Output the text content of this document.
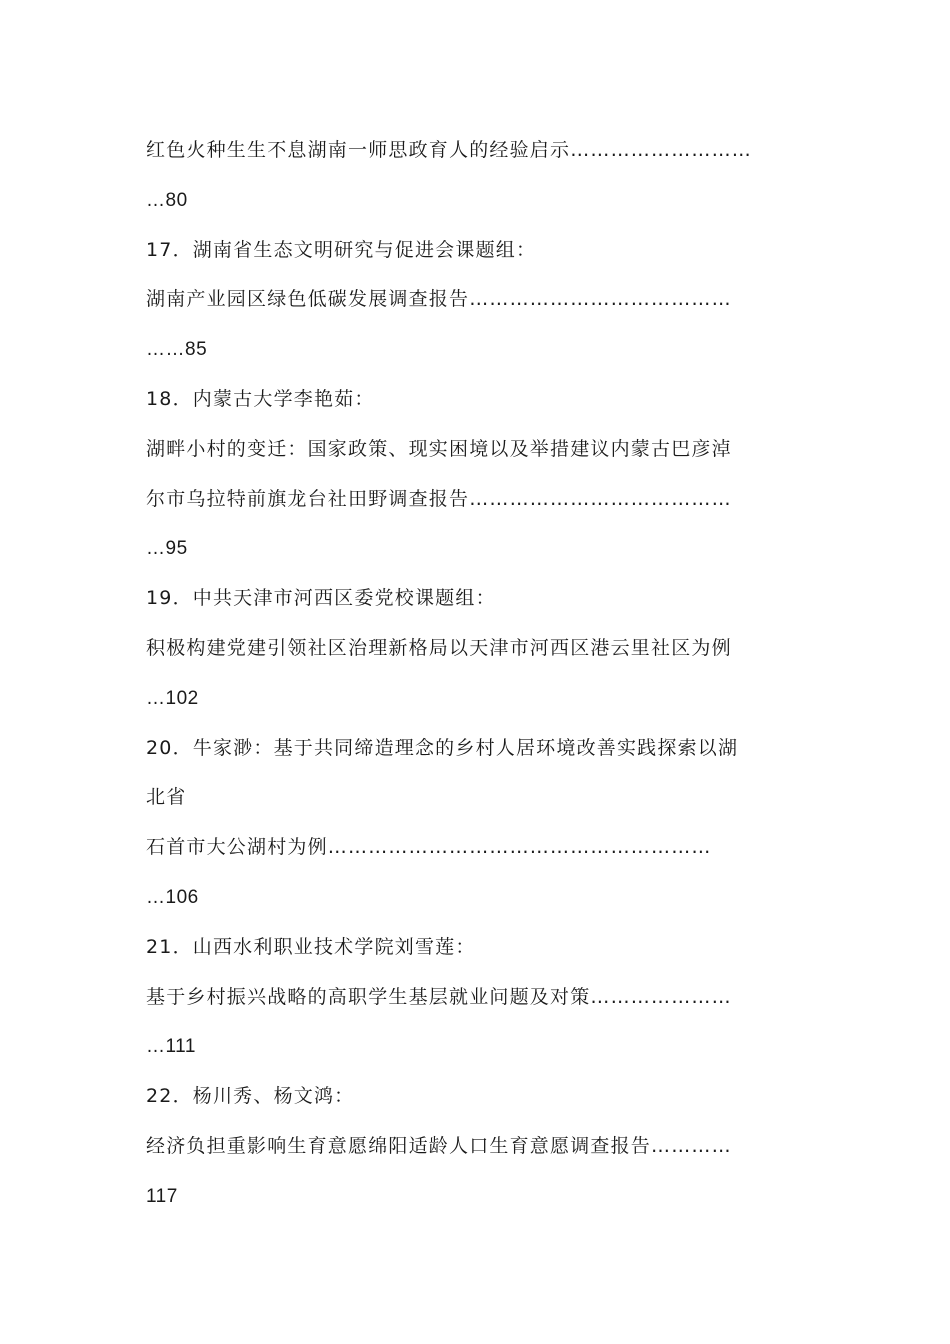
红色火种生生不息湖南一师思政育人的经验启示………………………
…80
17．湖南省生态文明研究与促进会课题组：
湖南产业园区绿色低碳发展调查报告…………………………………
……85
18．内蒙古大学李艳茹：
湖畔小村的变迁：国家政策、现实困境以及举措建议内蒙古巴彦淖
尔市乌拉特前旗龙台社田野调查报告…………………………………
…95
19．中共天津市河西区委党校课题组：
积极构建党建引领社区治理新格局以天津市河西区港云里社区为例
…102
20．牛家渺：基于共同缔造理念的乡村人居环境改善实践探索以湖
北省
石首市大公湖村为例…………………………………………………
…106
21．山西水利职业技术学院刘雪莲：
基于乡村振兴战略的高职学生基层就业问题及对策…………………
…111
22．杨川秀、杨文鸿：
经济负担重影响生育意愿绵阳适龄人口生育意愿调查报告…………
117
